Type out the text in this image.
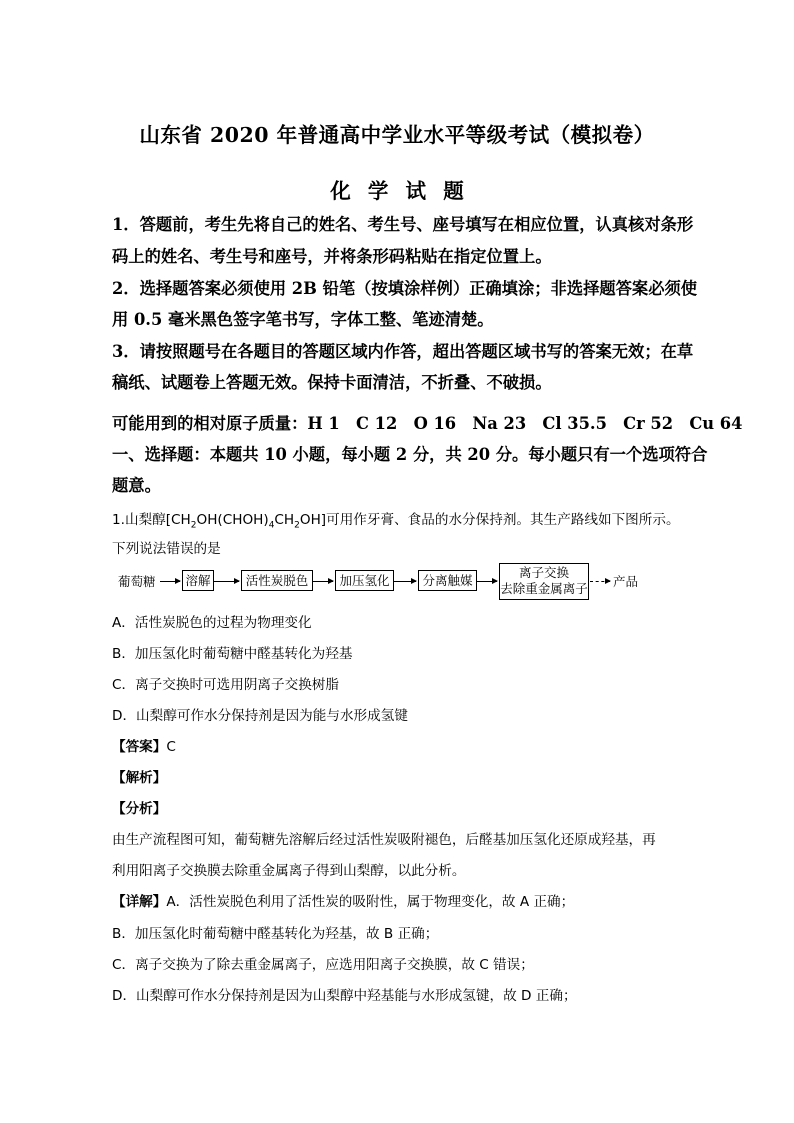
山东省 2020 年普通高中学业水平等级考试（模拟卷）
化 学 试 题
1．答题前，考生先将自己的姓名、考生号、座号填写在相应位置，认真核对条形
码上的姓名、考生号和座号，并将条形码粘贴在指定位置上。
2．选择题答案必须使用 2B 铅笔（按填涂样例）正确填涂；非选择题答案必须使
用 0.5 毫米黑色签字笔书写，字体工整、笔迹清楚。
3．请按照题号在各题目的答题区域内作答，超出答题区域书写的答案无效；在草
稿纸、试题卷上答题无效。保持卡面清洁，不折叠、不破损。
可能用到的相对原子质量：H 1　C 12　O 16　Na 23　Cl 35.5　Cr 52　Cu 64
一、选择题：本题共 10 小题，每小题 2 分，共 20 分。每小题只有一个选项符合
题意。
1.山梨醇$[CH_2OH(CHOH)_4CH_2OH]$可用作牙膏、食品的水分保持剂。其生产路线如下图所示。
下列说法错误的是
葡萄糖 溶解	活性炭脱色	加压氢化	分离触媒
离子交换
去除重金属离子 产品
A．活性炭脱色的过程为物理变化
B．加压氢化时葡萄糖中醛基转化为羟基
C．离子交换时可选用阴离子交换树脂
D．山梨醇可作水分保持剂是因为能与水形成氢键
【答案】C
【解析】
【分析】
由生产流程图可知，葡萄糖先溶解后经过活性炭吸附褪色，后醛基加压氢化还原成羟基，再
利用阳离子交换膜去除重金属离子得到山梨醇，以此分析。
【详解】A．活性炭脱色利用了活性炭的吸附性，属于物理变化，故 A 正确；
B．加压氢化时葡萄糖中醛基转化为羟基，故 B 正确；
C．离子交换为了除去重金属离子，应选用阳离子交换膜，故 C 错误；
D．山梨醇可作水分保持剂是因为山梨醇中羟基能与水形成氢键，故 D 正确；
